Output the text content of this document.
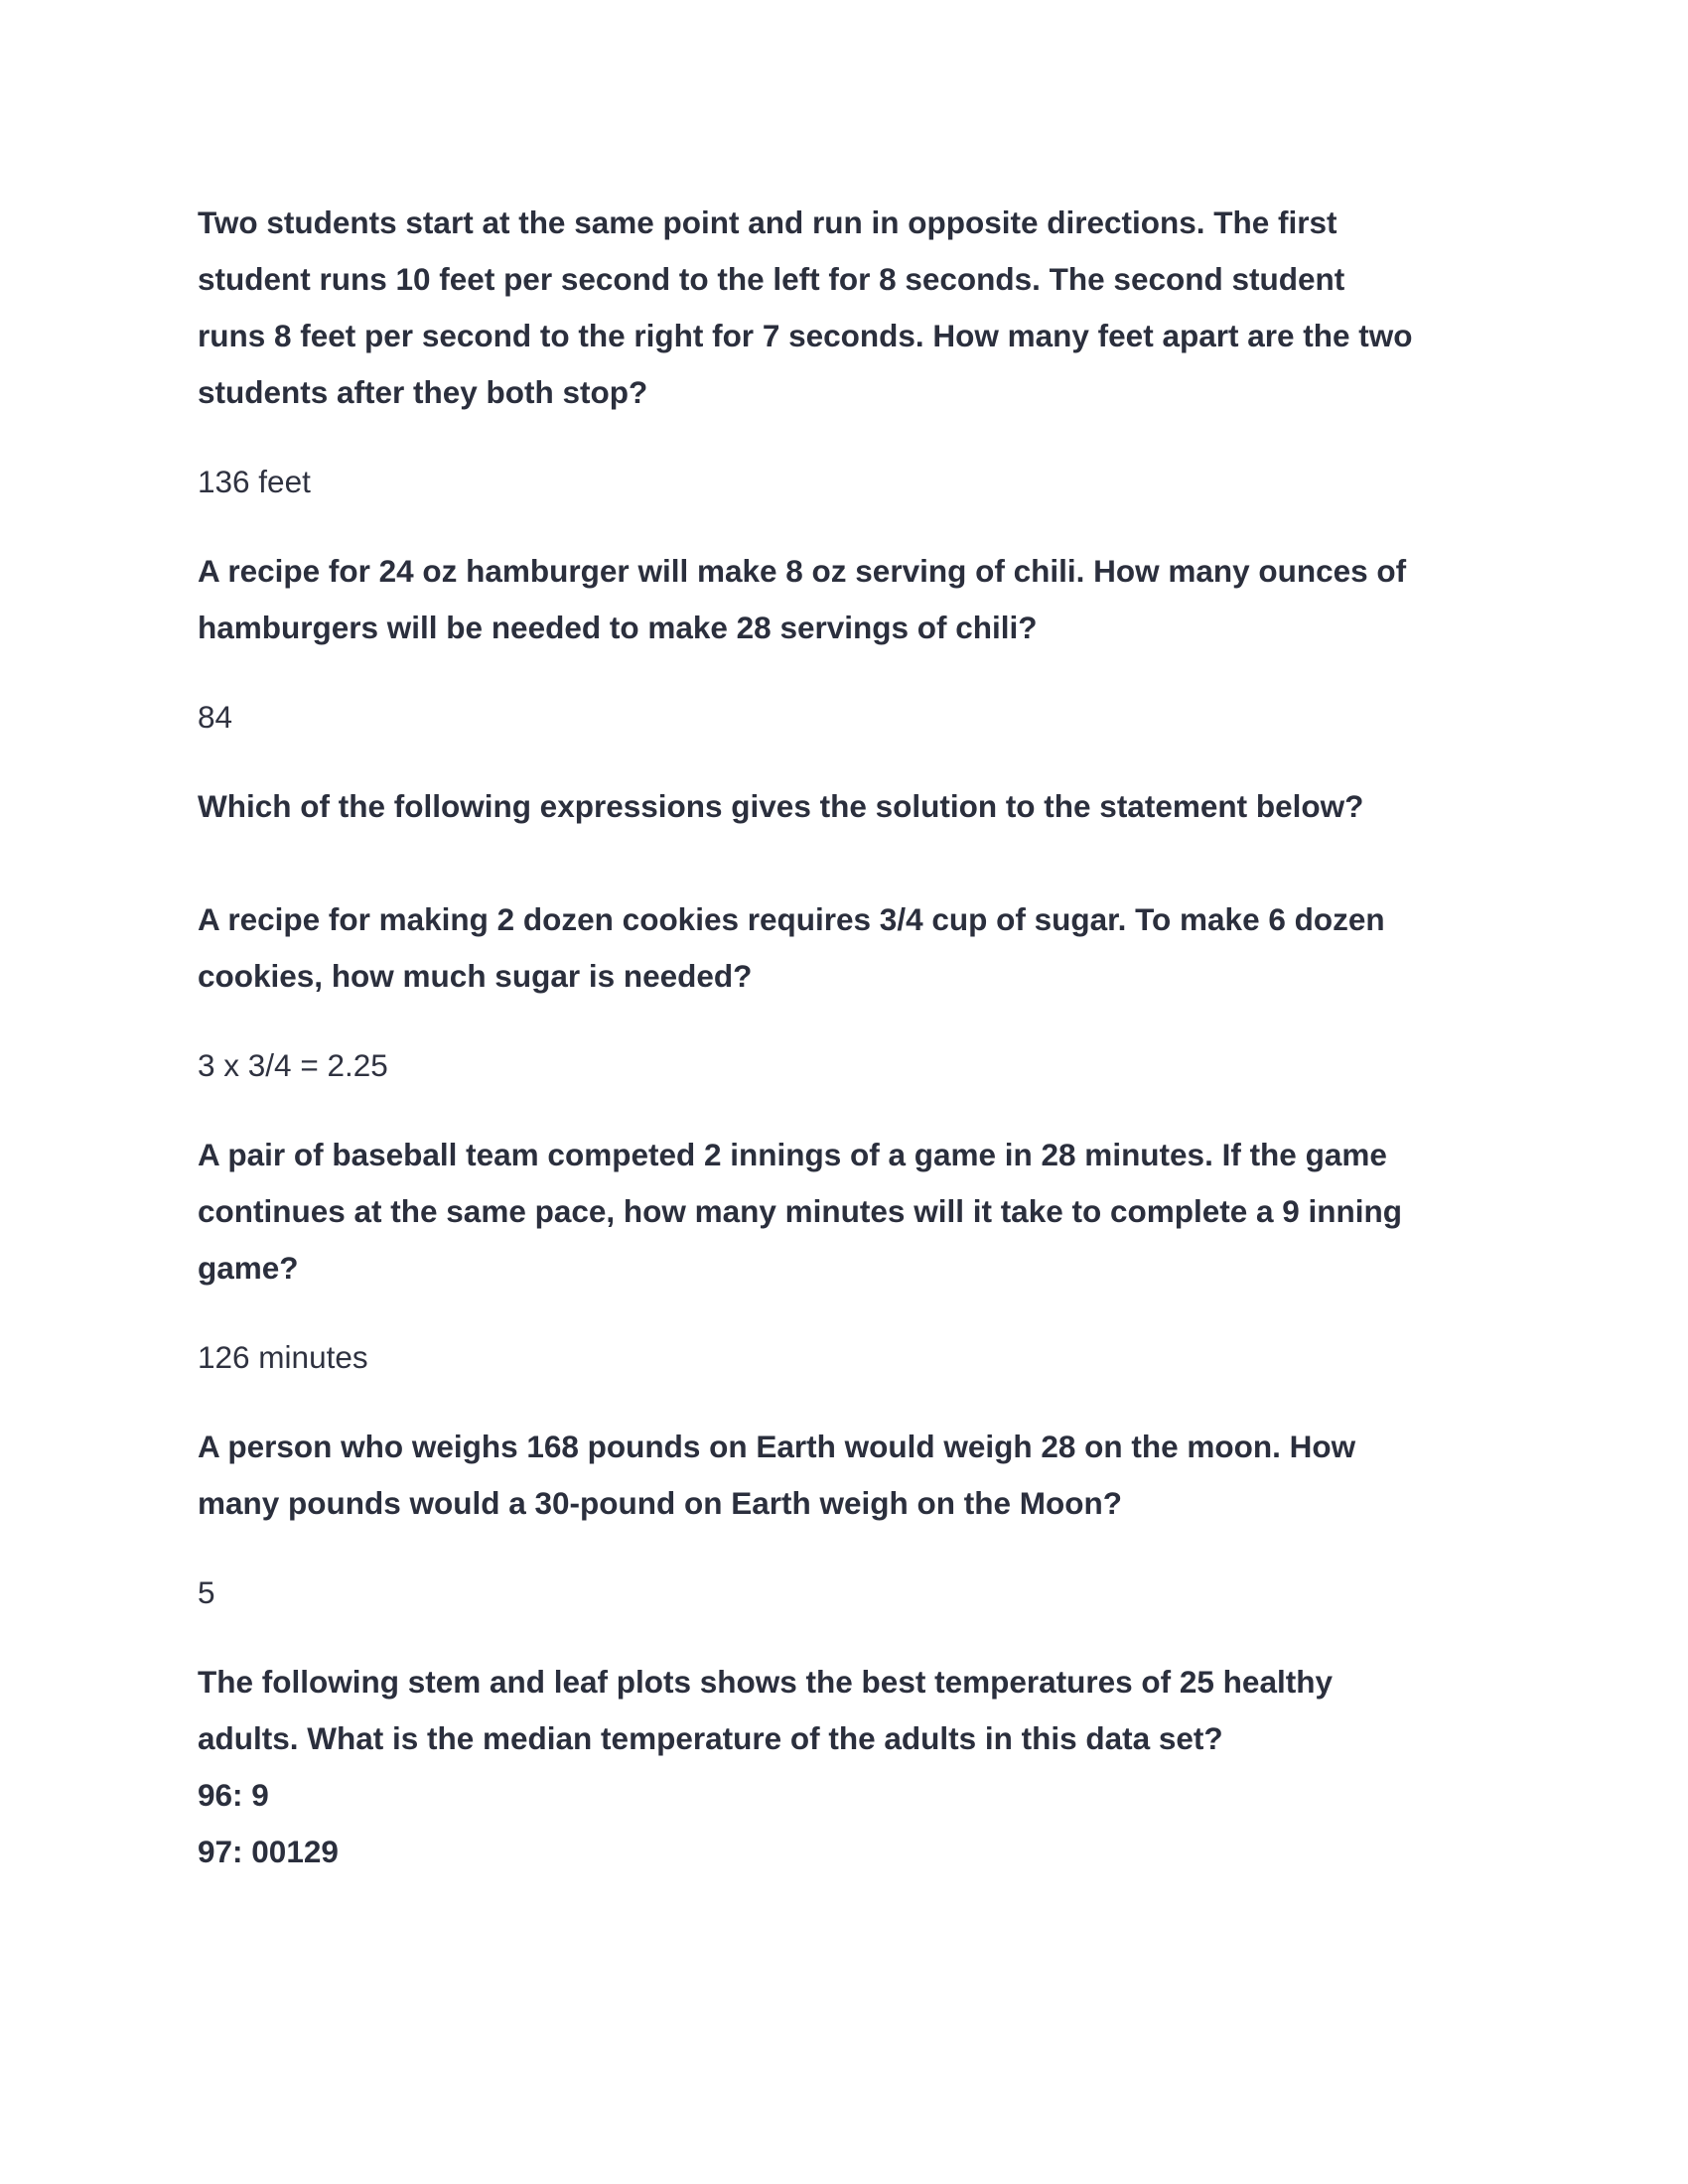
Two students start at the same point and run in opposite directions. The first
student runs 10 feet per second to the left for 8 seconds. The second student
runs 8 feet per second to the right for 7 seconds. How many feet apart are the two
students after they both stop?

136 feet

A recipe for 24 oz hamburger will make 8 oz serving of chili. How many ounces of
hamburgers will be needed to make 28 servings of chili?

84

Which of the following expressions gives the solution to the statement below?

A recipe for making 2 dozen cookies requires 3/4 cup of sugar. To make 6 dozen
cookies, how much sugar is needed?

3 x 3/4 = 2.25

A pair of baseball team competed 2 innings of a game in 28 minutes. If the game
continues at the same pace, how many minutes will it take to complete a 9 inning
game?

126 minutes

A person who weighs 168 pounds on Earth would weigh 28 on the moon. How
many pounds would a 30-pound on Earth weigh on the Moon?

5

The following stem and leaf plots shows the best temperatures of 25 healthy
adults. What is the median temperature of the adults in this data set?
96: 9
97: 00129
